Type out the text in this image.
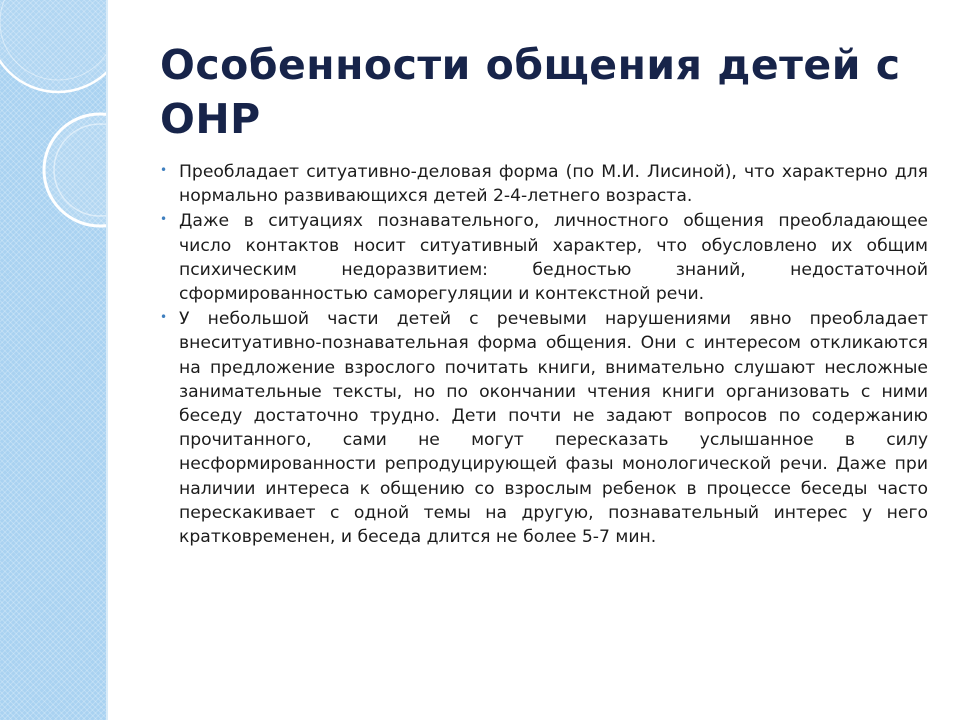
Особенности общения детей с ОНР
• Преобладает ситуативно-деловая форма (по М.И. Лисиной), что характерно для нормально развивающихся детей 2-4-летнего возраста.
• Даже в ситуациях познавательного, личностного общения преобладающее число контактов носит ситуативный характер, что обусловлено их общим психическим недоразвитием: бедностью знаний, недостаточной сформированностью саморегуляции и контекстной речи.
• У небольшой части детей с речевыми нарушениями явно преобладает внеситуативно-познавательная форма общения. Они с интересом откликаются на предложение взрослого почитать книги, внимательно слушают несложные занимательные тексты, но по окончании чтения книги организовать с ними беседу достаточно трудно. Дети почти не задают вопросов по содержанию прочитанного, сами не могут пересказать услышанное в силу несформированности репродуцирующей фазы монологической речи. Даже при наличии интереса к общению со взрослым ребенок в процессе беседы часто перескакивает с одной темы на другую, познавательный интерес у него кратковременен, и беседа длится не более 5-7 мин.
